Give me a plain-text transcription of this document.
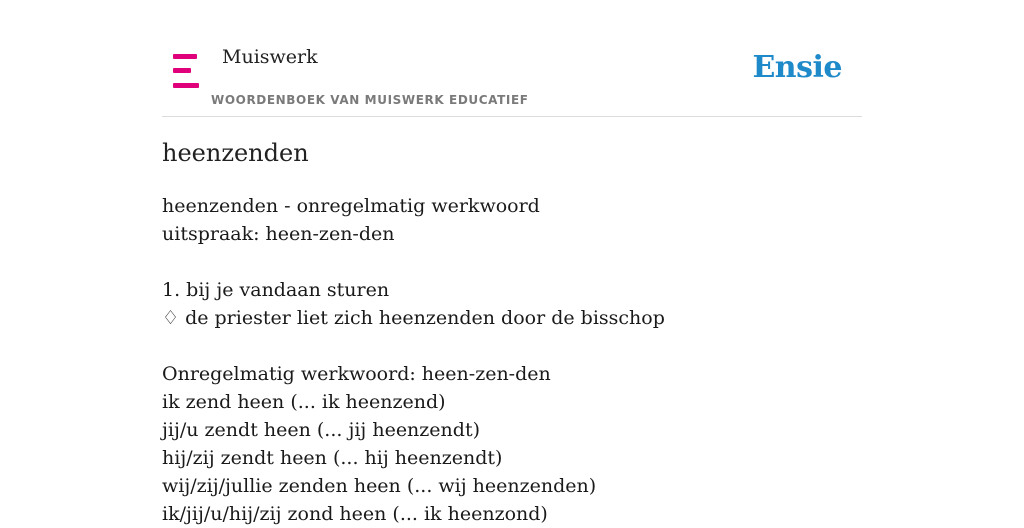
Muiswerk
WOORDENBOEK VAN MUISWERK EDUCATIEF
Ensie
heenzenden
heenzenden - onregelmatig werkwoord
uitspraak: heen-zen-den
1. bij je vandaan sturen
♢ de priester liet zich heenzenden door de bisschop
Onregelmatig werkwoord: heen-zen-den
ik zend heen (... ik heenzend)
jij/u zendt heen (... jij heenzendt)
hij/zij zendt heen (... hij heenzendt)
wij/zij/jullie zenden heen (... wij heenzenden)
ik/jij/u/hij/zij zond heen (... ik heenzond)
